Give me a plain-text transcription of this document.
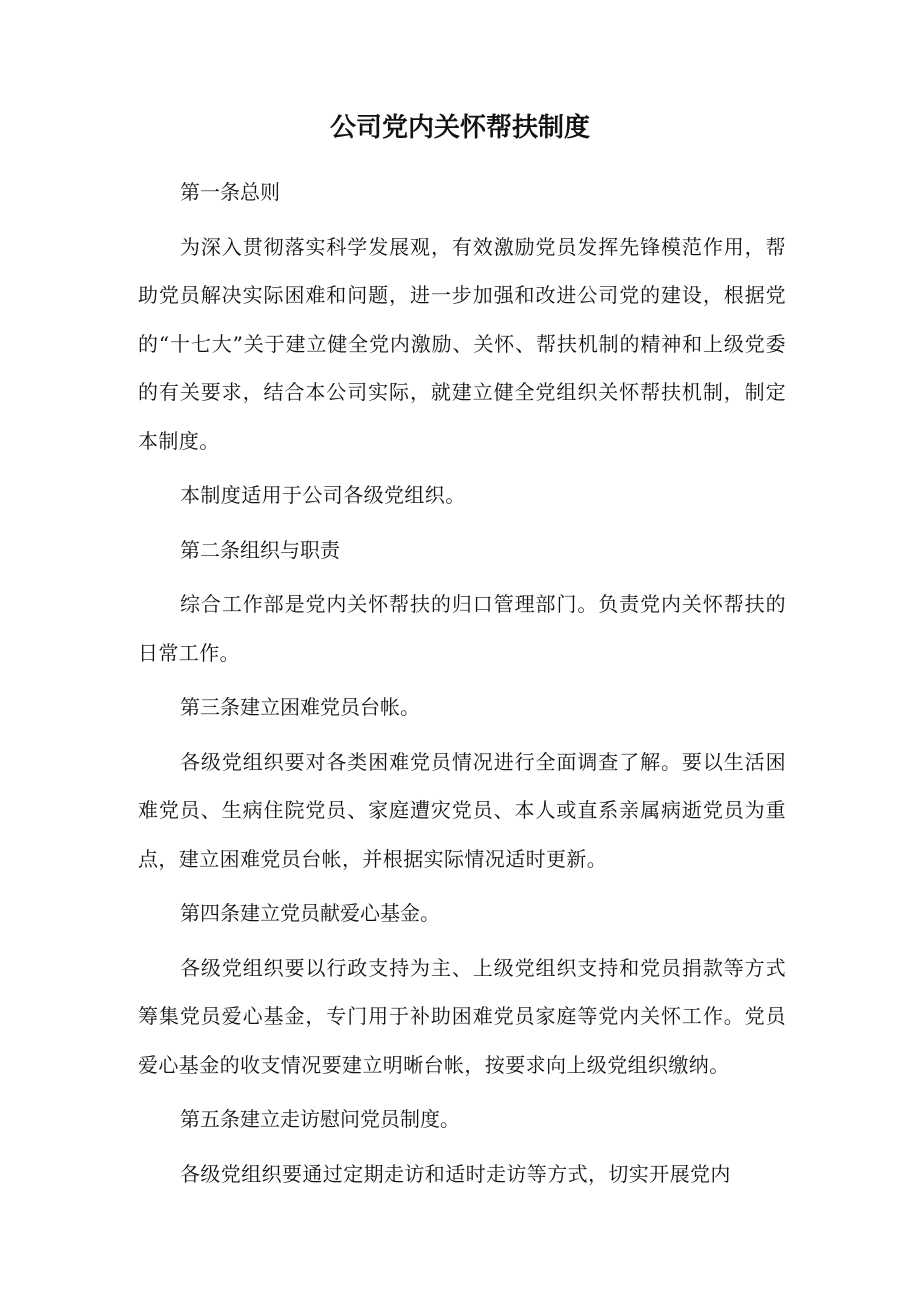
公司党内关怀帮扶制度

第一条总则

为深入贯彻落实科学发展观，有效激励党员发挥先锋模范作用，帮助党员解决实际困难和问题，进一步加强和改进公司党的建设，根据党的“十七大”关于建立健全党内激励、关怀、帮扶机制的精神和上级党委的有关要求，结合本公司实际，就建立健全党组织关怀帮扶机制，制定本制度。

本制度适用于公司各级党组织。

第二条组织与职责

综合工作部是党内关怀帮扶的归口管理部门。负责党内关怀帮扶的日常工作。

第三条建立困难党员台帐。

各级党组织要对各类困难党员情况进行全面调查了解。要以生活困难党员、生病住院党员、家庭遭灾党员、本人或直系亲属病逝党员为重点，建立困难党员台帐，并根据实际情况适时更新。

第四条建立党员献爱心基金。

各级党组织要以行政支持为主、上级党组织支持和党员捐款等方式筹集党员爱心基金，专门用于补助困难党员家庭等党内关怀工作。党员爱心基金的收支情况要建立明晰台帐，按要求向上级党组织缴纳。

第五条建立走访慰问党员制度。

各级党组织要通过定期走访和适时走访等方式，切实开展党内
